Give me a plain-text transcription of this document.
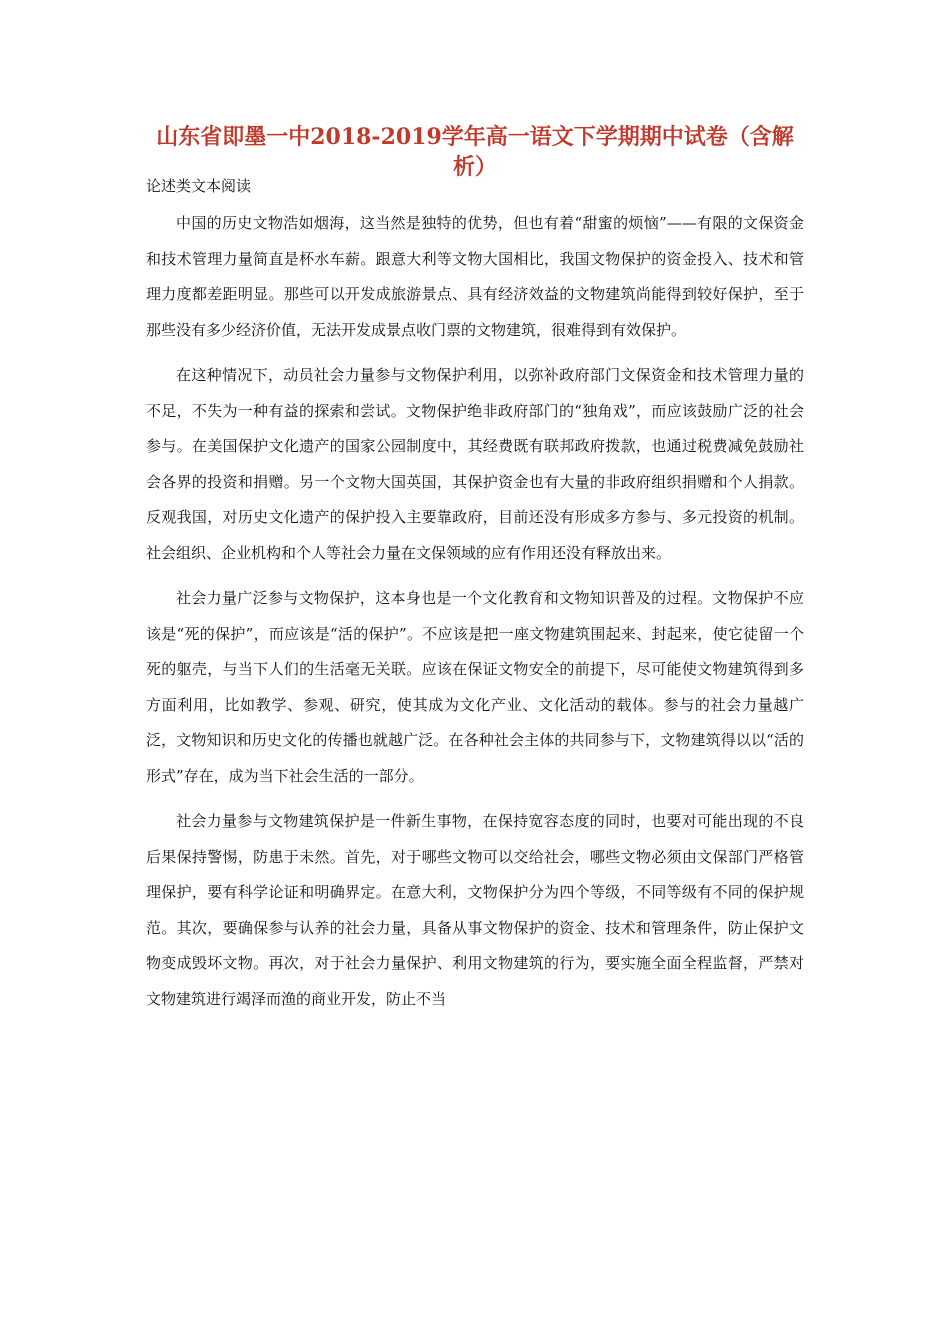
山东省即墨一中2018-2019学年高一语文下学期期中试卷（含解析）
论述类文本阅读

中国的历史文物浩如烟海，这当然是独特的优势，但也有着“甜蜜的烦恼”——有限的文保资金和技术管理力量简直是杯水车薪。跟意大利等文物大国相比，我国文物保护的资金投入、技术和管理力度都差距明显。那些可以开发成旅游景点、具有经济效益的文物建筑尚能得到较好保护，至于那些没有多少经济价值，无法开发成景点收门票的文物建筑，很难得到有效保护。

在这种情况下，动员社会力量参与文物保护利用，以弥补政府部门文保资金和技术管理力量的不足，不失为一种有益的探索和尝试。文物保护绝非政府部门的“独角戏”，而应该鼓励广泛的社会参与。在美国保护文化遗产的国家公园制度中，其经费既有联邦政府拨款，也通过税费减免鼓励社会各界的投资和捐赠。另一个文物大国英国，其保护资金也有大量的非政府组织捐赠和个人捐款。反观我国，对历史文化遗产的保护投入主要靠政府，目前还没有形成多方参与、多元投资的机制。社会组织、企业机构和个人等社会力量在文保领域的应有作用还没有释放出来。

社会力量广泛参与文物保护，这本身也是一个文化教育和文物知识普及的过程。文物保护不应该是“死的保护”，而应该是“活的保护”。不应该是把一座文物建筑围起来、封起来，使它徒留一个死的躯壳，与当下人们的生活毫无关联。应该在保证文物安全的前提下，尽可能使文物建筑得到多方面利用，比如教学、参观、研究，使其成为文化产业、文化活动的载体。参与的社会力量越广泛，文物知识和历史文化的传播也就越广泛。在各种社会主体的共同参与下，文物建筑得以以“活的形式”存在，成为当下社会生活的一部分。

社会力量参与文物建筑保护是一件新生事物，在保持宽容态度的同时，也要对可能出现的不良后果保持警惕，防患于未然。首先，对于哪些文物可以交给社会，哪些文物必须由文保部门严格管理保护，要有科学论证和明确界定。在意大利，文物保护分为四个等级，不同等级有不同的保护规范。其次，要确保参与认养的社会力量，具备从事文物保护的资金、技术和管理条件，防止保护文物变成毁坏文物。再次，对于社会力量保护、利用文物建筑的行为，要实施全面全程监督，严禁对文物建筑进行竭泽而渔的商业开发，防止不当
